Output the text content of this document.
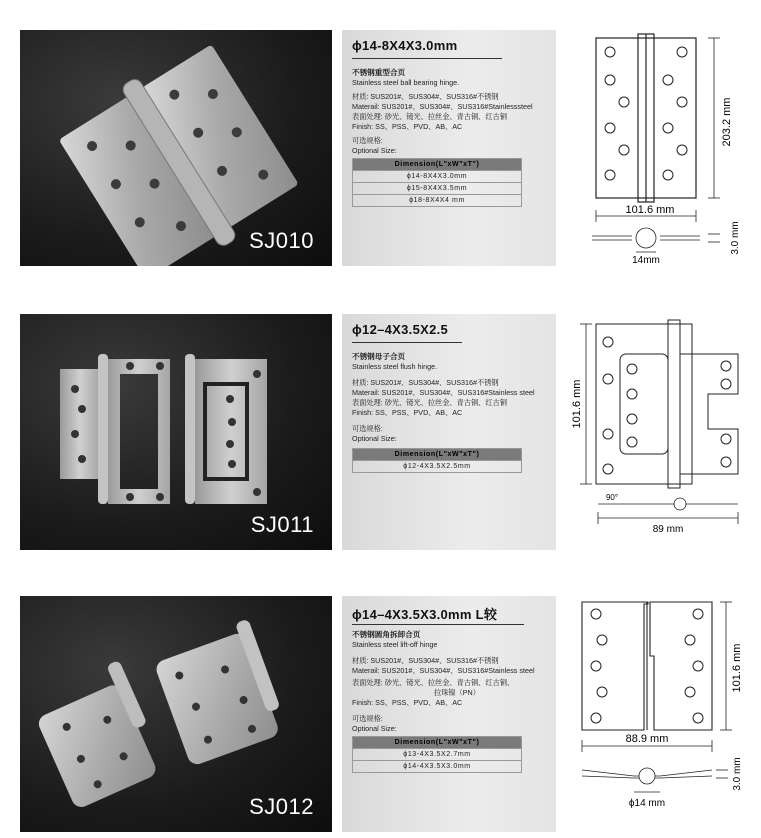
SJ010
ϕ14-8X4X3.0mm
不锈钢重型合页
Stainless steel ball bearing hinge.
材质: SUS201#、SUS304#、SUS316#不锈钢
Materail: SUS201#、SUS304#、SUS316#Stainlesssteel
表面处理: 砂光、镜光、拉丝金、青古铜、红古铜
Finish: SS、PSS、PVD、AB、AC
可选规格:
Optional Size:
Dimension(L"xW"xT")
ϕ14-8X4X3.0mm
ϕ15-8X4X3.5mm
ϕ18-8X4X4 mm
203.2 mm
101.6 mm
3.0 mm
14mm
SJ011
ϕ12–4X3.5X2.5
不锈钢母子合页
Stainless steel flush hinge.
材质: SUS201#、SUS304#、SUS316#不锈钢
Materail: SUS201#、SUS304#、SUS316#Stainless steel
表面处理: 砂光、镜光、拉丝金、青古铜、红古铜
Finish: SS、PSS、PVD、AB、AC
可选规格:
Optional Size:
Dimension(L"xW"xT")
ϕ12-4X3.5X2.5mm
101.6 mm
90°
89 mm
SJ012
ϕ14–4X3.5X3.0mm L较
不锈钢圆角拆卸合页
Stainless steel lift-off hinge
材质: SUS201#、SUS304#、SUS316#不锈钢
Materail: SUS201#、SUS304#、SUS316#Stainless steel
表面处理: 砂光、镜光、拉丝金、青古铜、红古铜、
拉珠镍（PN）
Finish: SS、PSS、PVD、AB、AC
可选规格:
Optional Size:
Dimension(L"xW"xT")
ϕ13-4X3.5X2.7mm
ϕ14-4X3.5X3.0mm
101.6 mm
88.9 mm
3.0 mm
ϕ14 mm
